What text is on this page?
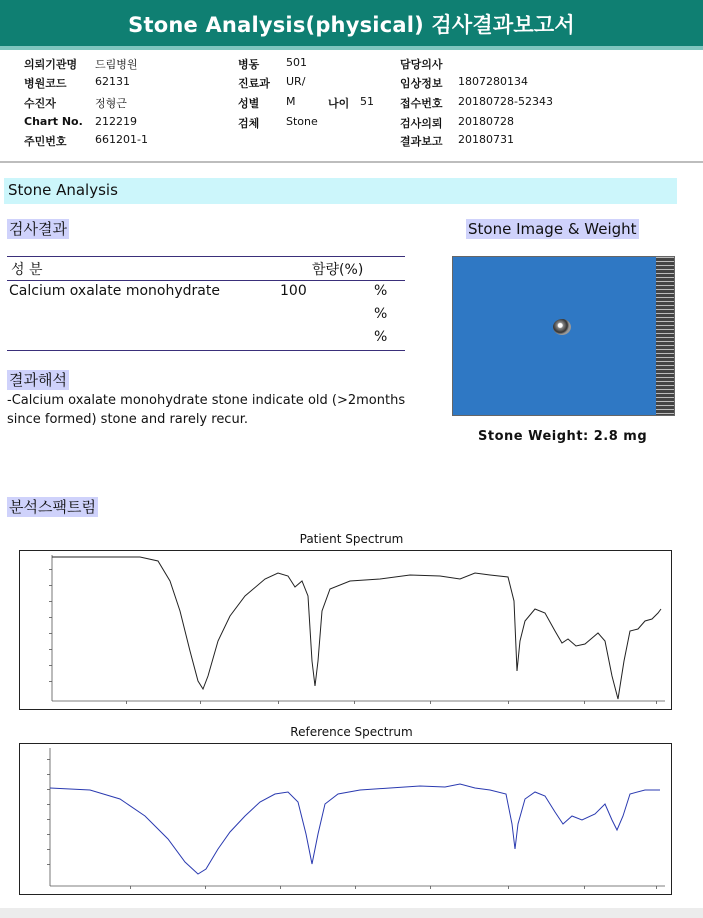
Stone Analysis(physical) 검사결과보고서
의뢰기관명 드림병원
병원코드	62131
수진자	정형근
Chart No. 212219
주민번호	661201-1
병동 501
진료과 UR/
성별 M
검체 Stone
나이 51
담당의사
임상정보 1807280134
접수번호 20180728-52343
검사의뢰 20180728
결과보고 20180731
Stone Analysis
검사결과
성 분	함량(%)
Calcium oxalate monohydrate	100	%
%
%
Stone Image & Weight
Stone Weight: 2.8 mg
결과해석
-Calcium oxalate monohydrate stone indicate old (>2months since formed) stone and rarely recur.
분석스팩트럼
Patient Spectrum
Reference Spectrum
